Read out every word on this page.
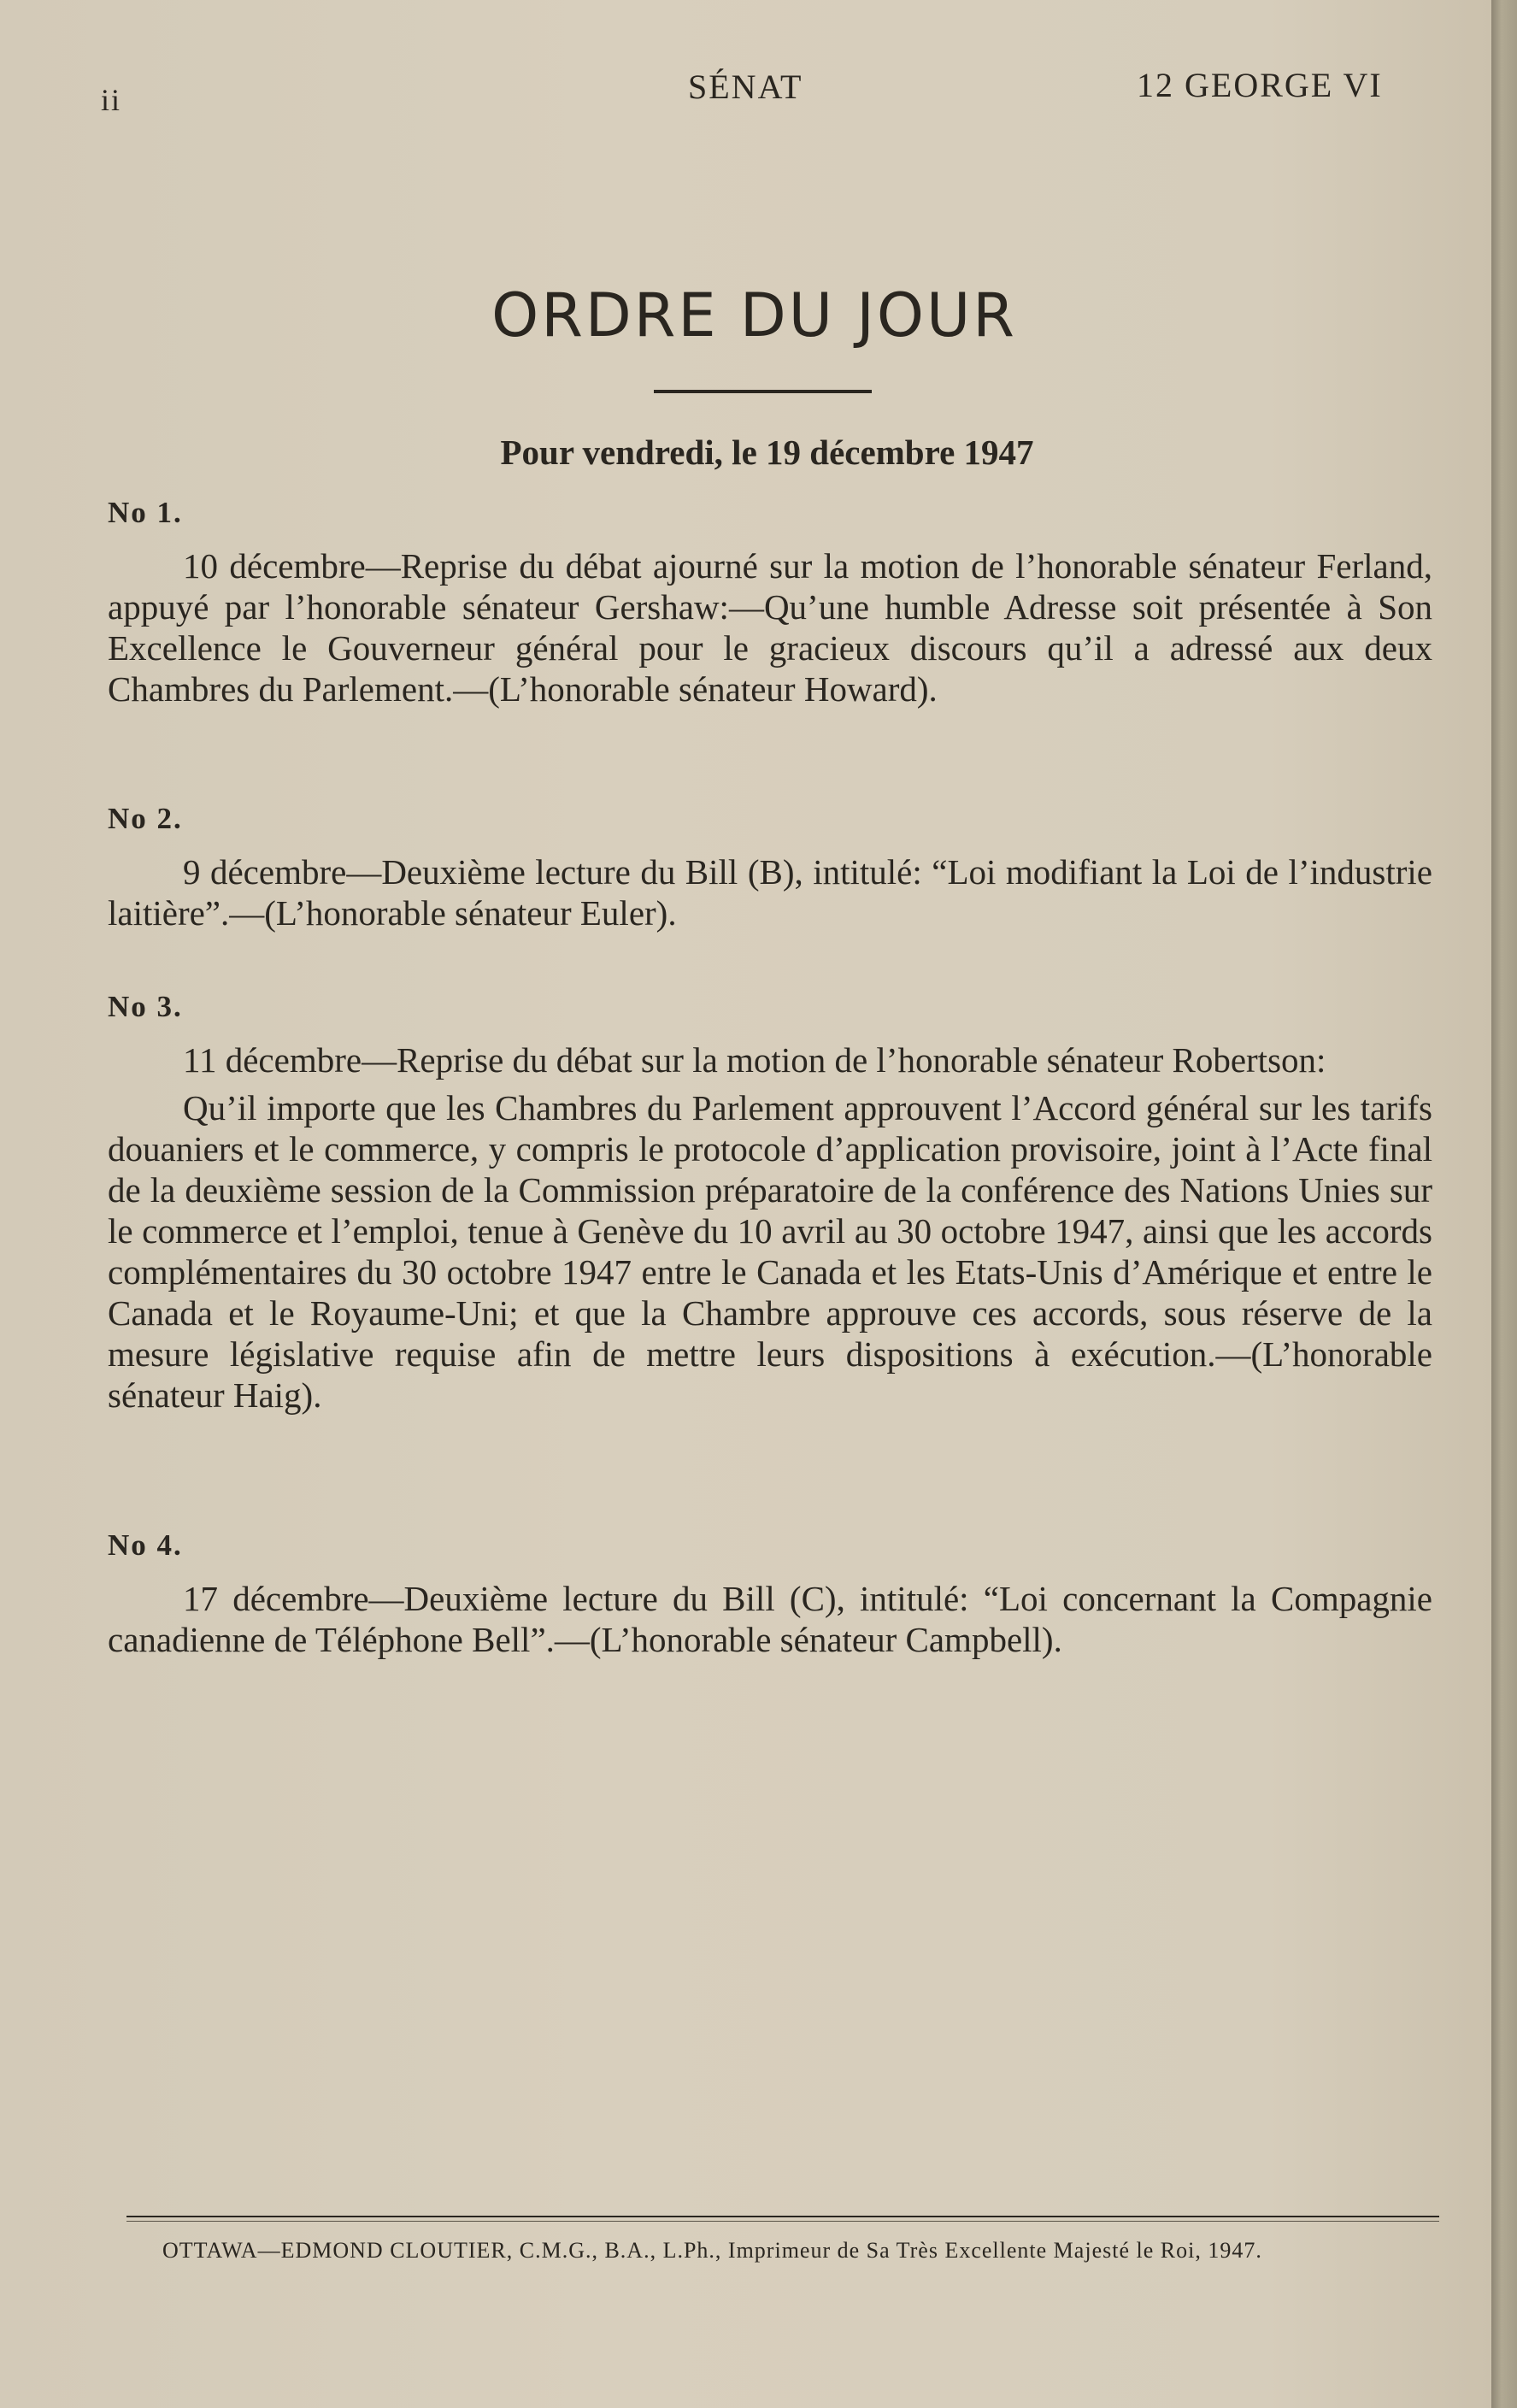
ii	SÉNAT	12 GEORGE VI
ORDRE DU JOUR
Pour vendredi, le 19 décembre 1947
No 1.

10 décembre—Reprise du débat ajourné sur la motion de l’honorable sénateur Ferland, appuyé par l’honorable sénateur Gershaw:—Qu’une humble Adresse soit présentée à Son Excellence le Gouverneur général pour le gracieux discours qu’il a adressé aux deux Chambres du Parlement.—(L’honorable sénateur Howard).

No 2.

9 décembre—Deuxième lecture du Bill (B), intitulé: “Loi modifiant la Loi de l’industrie laitière”.—(L’honorable sénateur Euler).

No 3.

11 décembre—Reprise du débat sur la motion de l’honorable sénateur Robertson:

Qu’il importe que les Chambres du Parlement approuvent l’Accord général sur les tarifs douaniers et le commerce, y compris le protocole d’application provisoire, joint à l’Acte final de la deuxième session de la Commission préparatoire de la conférence des Nations Unies sur le commerce et l’emploi, tenue à Genève du 10 avril au 30 octobre 1947, ainsi que les accords complémentaires du 30 octobre 1947 entre le Canada et les Etats-Unis d’Amérique et entre le Canada et le Royaume-Uni; et que la Chambre approuve ces accords, sous réserve de la mesure législative requise afin de mettre leurs dispositions à exécution.—(L’honorable sénateur Haig).

No 4.

17 décembre—Deuxième lecture du Bill (C), intitulé: “Loi concernant la Compagnie canadienne de Téléphone Bell”.—(L’honorable sénateur Campbell).

OTTAWA—EDMOND CLOUTIER, C.M.G., B.A., L.Ph., Imprimeur de Sa Très Excellente Majesté le Roi, 1947.
